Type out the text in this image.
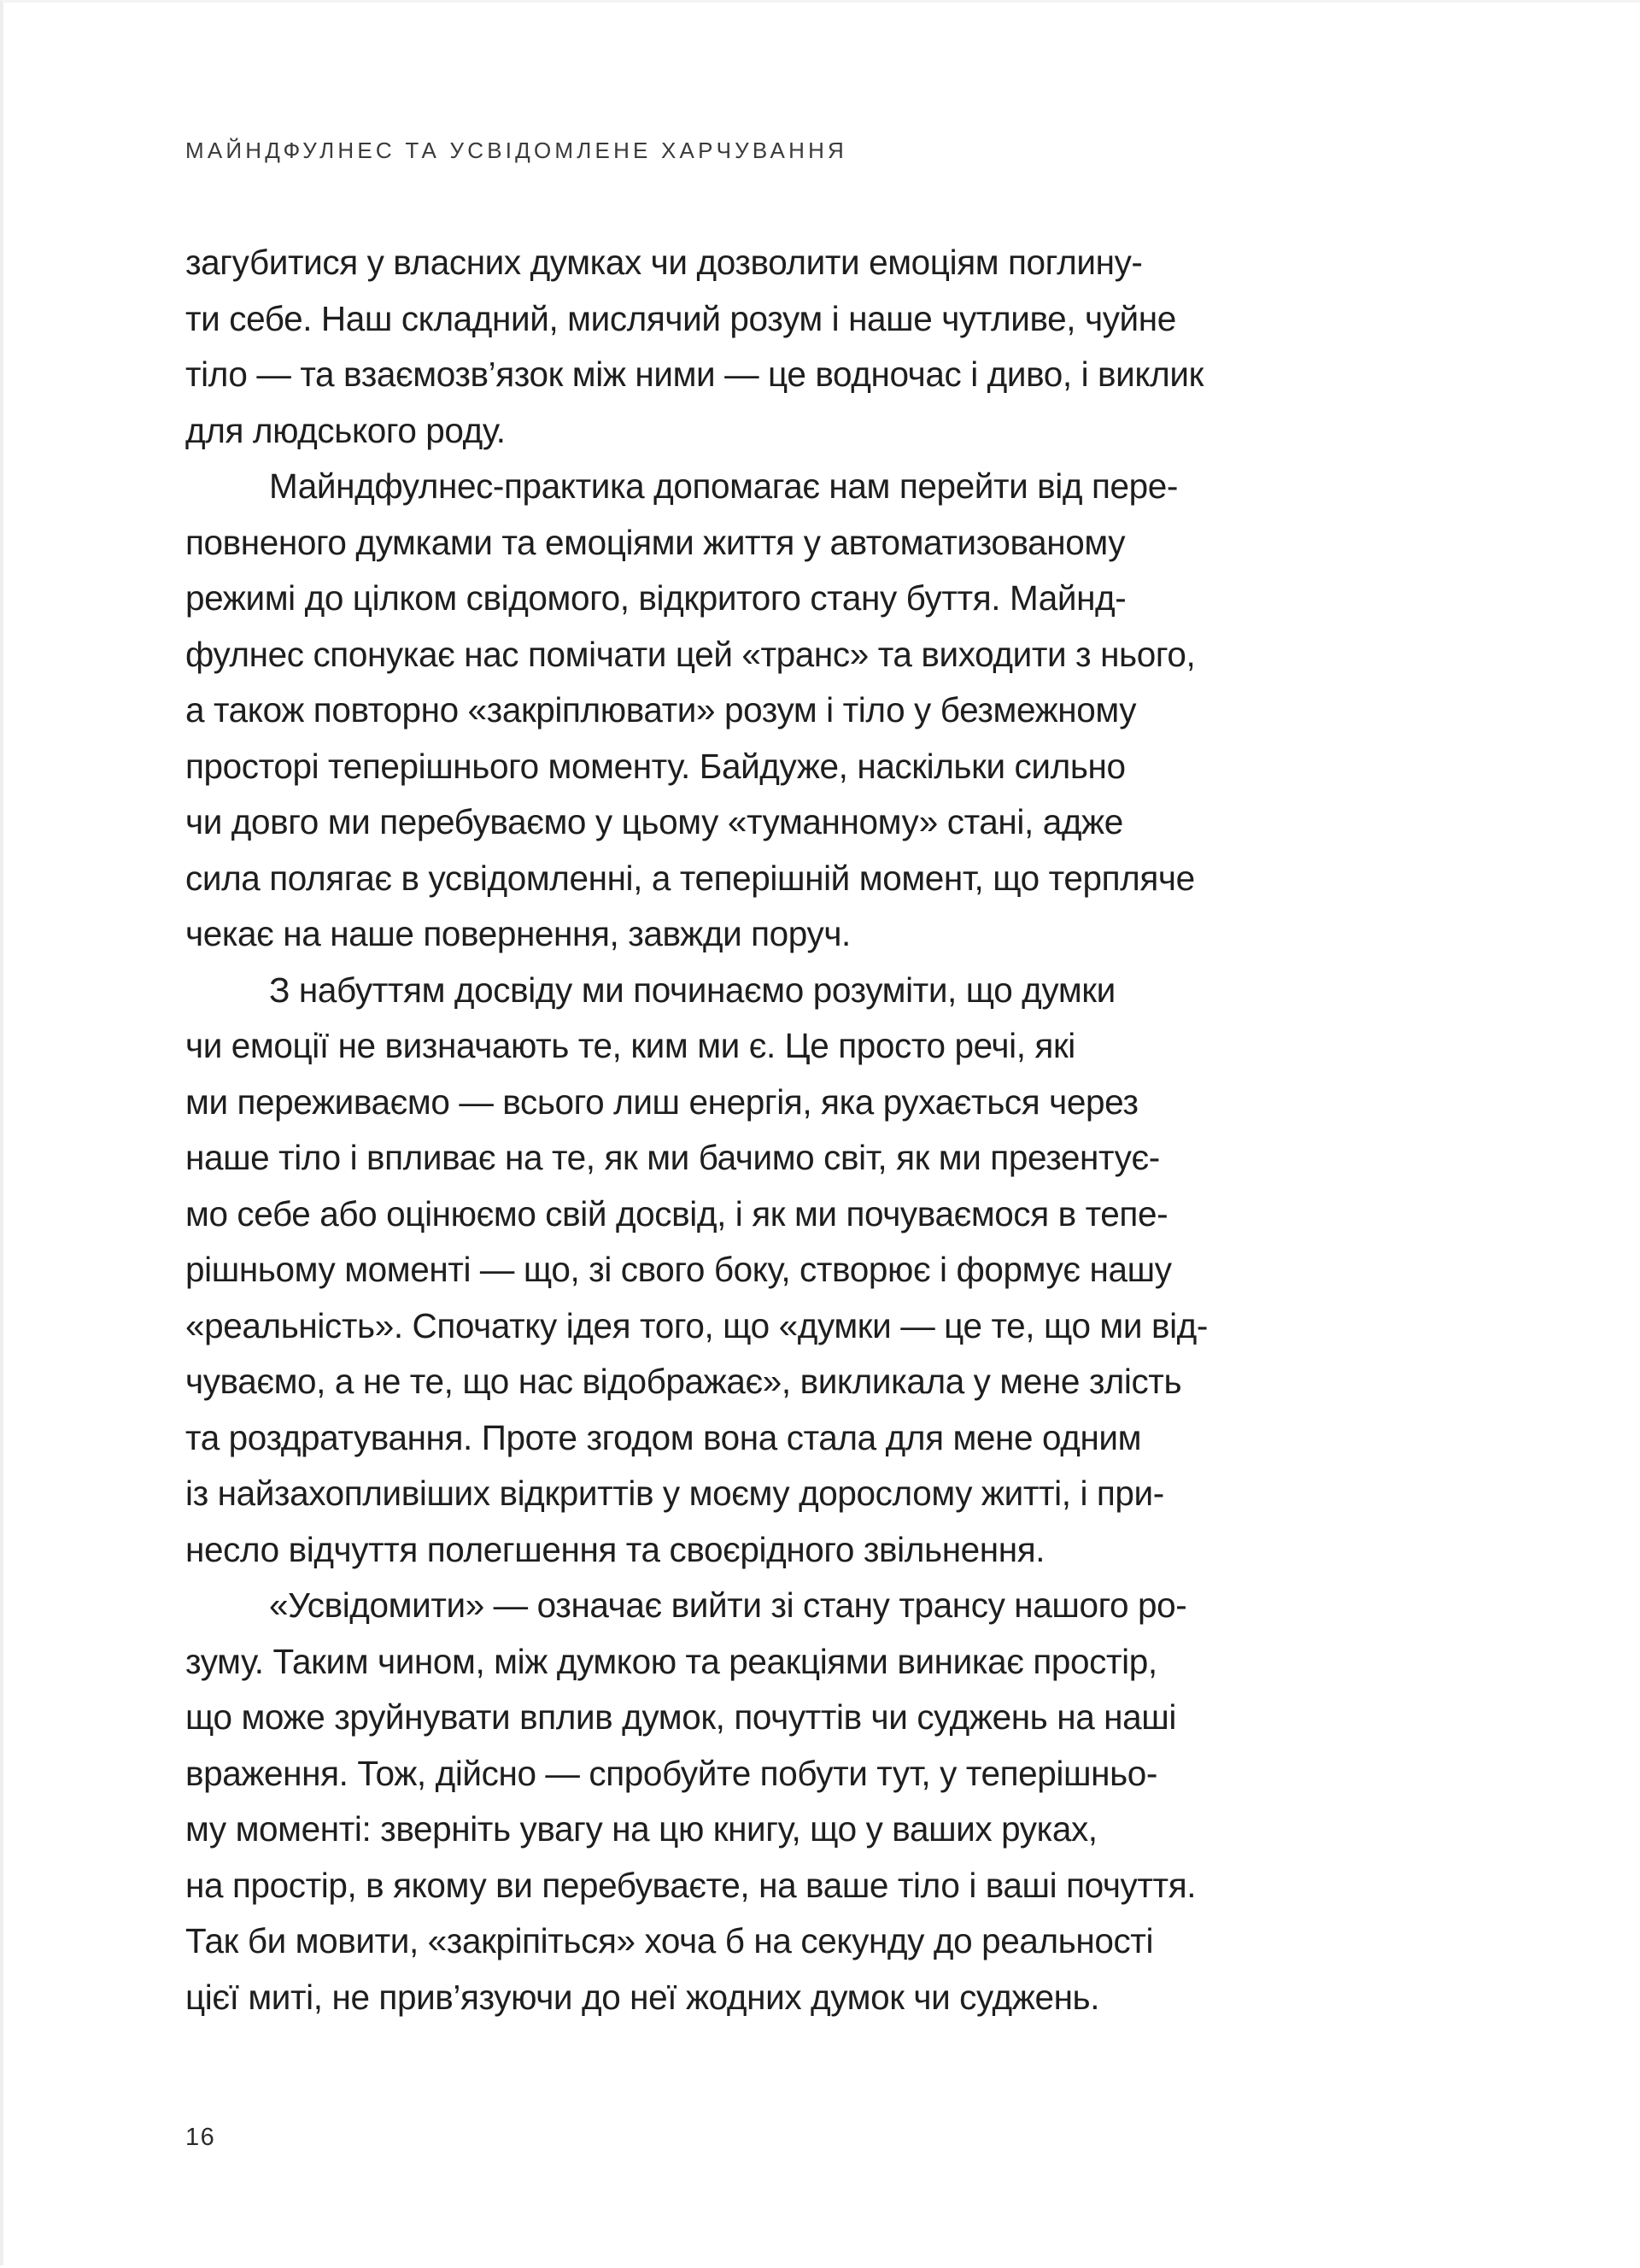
МАЙНДФУЛНЕС ТА УСВІДОМЛЕНЕ ХАРЧУВАННЯ
загубитися у власних думках чи дозволити емоціям поглину-
ти себе. Наш складний, мислячий розум і наше чутливе, чуйне
тіло — та взаємозв’язок між ними — це водночас і диво, і виклик
для людського роду.
Майндфулнес-практика допомагає нам перейти від пере-
повненого думками та емоціями життя у автоматизованому
режимі до цілком свідомого, відкритого стану буття. Майнд-
фулнес спонукає нас помічати цей «транс» та виходити з нього,
а також повторно «закріплювати» розум і тіло у безмежному
просторі теперішнього моменту. Байдуже, наскільки сильно
чи довго ми перебуваємо у цьому «туманному» стані, адже
сила полягає в усвідомленні, а теперішній момент, що терпляче
чекає на наше повернення, завжди поруч.
З набуттям досвіду ми починаємо розуміти, що думки
чи емоції не визначають те, ким ми є. Це просто речі, які
ми переживаємо — всього лиш енергія, яка рухається через
наше тіло і впливає на те, як ми бачимо світ, як ми презентує-
мо себе або оцінюємо свій досвід, і як ми почуваємося в тепе-
рішньому моменті — що, зі свого боку, створює і формує нашу
«реальність». Спочатку ідея того, що «думки — це те, що ми від-
чуваємо, а не те, що нас відображає», викликала у мене злість
та роздратування. Проте згодом вона стала для мене одним
із найзахопливіших відкриттів у моєму дорослому житті, і при-
несло відчуття полегшення та своєрідного звільнення.
«Усвідомити» — означає вийти зі стану трансу нашого ро-
зуму. Таким чином, між думкою та реакціями виникає простір,
що може зруйнувати вплив думок, почуттів чи суджень на наші
враження. Тож, дійсно — спробуйте побути тут, у теперішньо-
му моменті: зверніть увагу на цю книгу, що у ваших руках,
на простір, в якому ви перебуваєте, на ваше тіло і ваші почуття.
Так би мовити, «закріпіться» хоча б на секунду до реальності
цієї миті, не прив’язуючи до неї жодних думок чи суджень.
16
